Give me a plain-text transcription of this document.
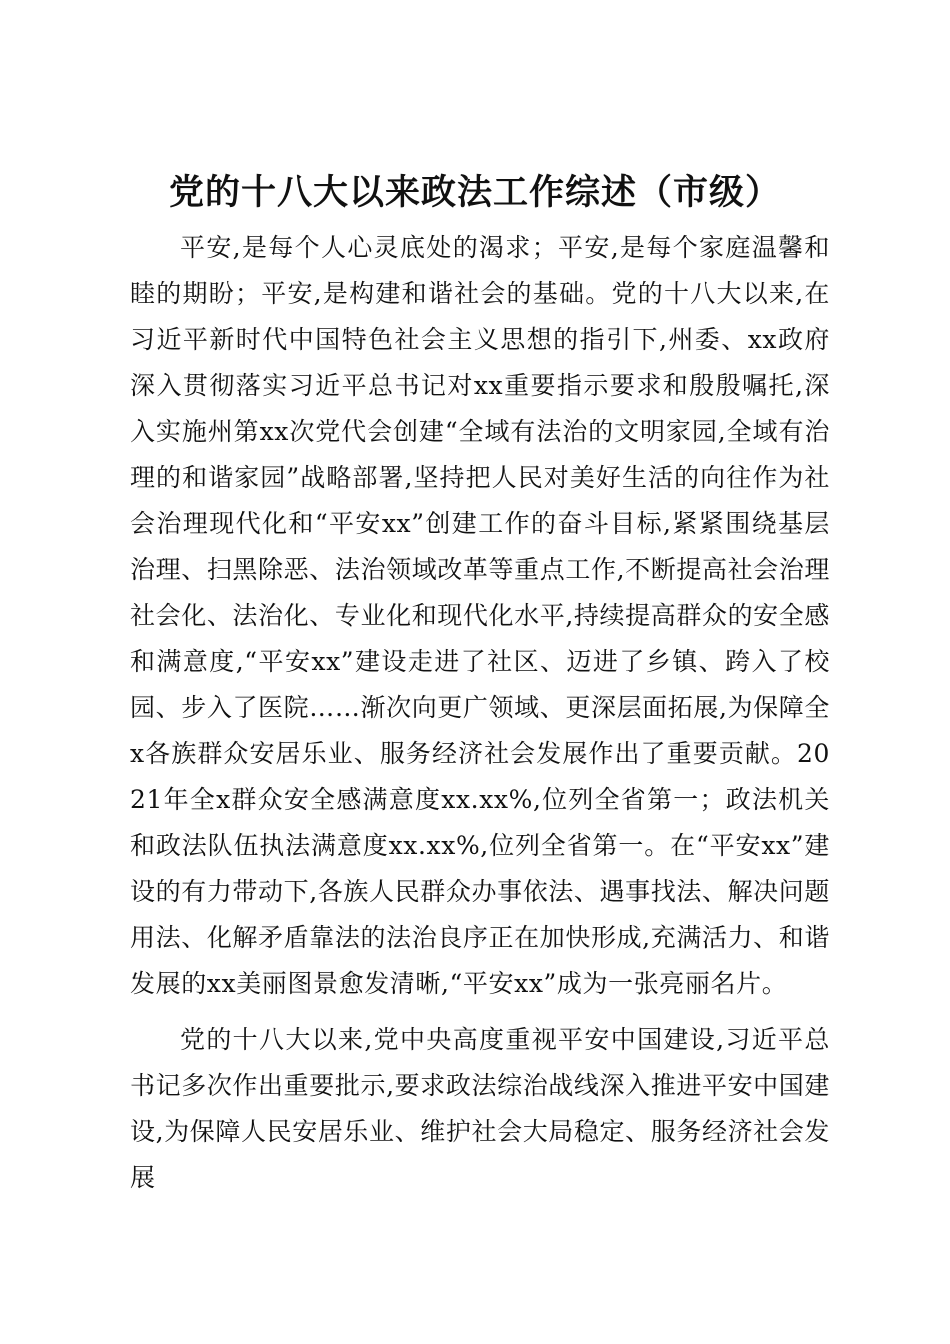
党的十八大以来政法工作综述（市级）

平安,是每个人心灵底处的渴求；平安,是每个家庭温馨和睦的期盼；平安,是构建和谐社会的基础。党的十八大以来,在习近平新时代中国特色社会主义思想的指引下,州委、xx政府深入贯彻落实习近平总书记对xx重要指示要求和殷殷嘱托,深入实施州第xx次党代会创建“全域有法治的文明家园,全域有治理的和谐家园”战略部署,坚持把人民对美好生活的向往作为社会治理现代化和“平安xx”创建工作的奋斗目标,紧紧围绕基层治理、扫黑除恶、法治领域改革等重点工作,不断提高社会治理社会化、法治化、专业化和现代化水平,持续提高群众的安全感和满意度,“平安xx”建设走进了社区、迈进了乡镇、跨入了校园、步入了医院……渐次向更广领域、更深层面拓展,为保障全x各族群众安居乐业、服务经济社会发展作出了重要贡献。2021年全x群众安全感满意度xx.xx%,位列全省第一；政法机关和政法队伍执法满意度xx.xx%,位列全省第一。在“平安xx”建设的有力带动下,各族人民群众办事依法、遇事找法、解决问题用法、化解矛盾靠法的法治良序正在加快形成,充满活力、和谐发展的xx美丽图景愈发清晰,“平安xx”成为一张亮丽名片。

党的十八大以来,党中央高度重视平安中国建设,习近平总书记多次作出重要批示,要求政法综治战线深入推进平安中国建设,为保障人民安居乐业、维护社会大局稳定、服务经济社会发展
